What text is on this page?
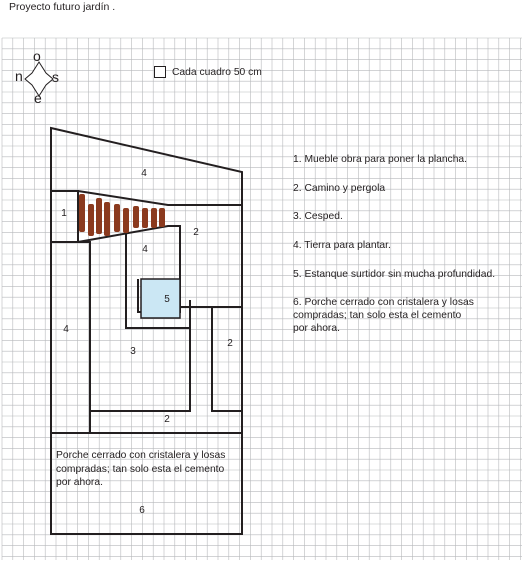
Proyecto futuro jardín .
n
o
s
e
Cada cuadro 50 cm
4
1
2
4
5
4
3
2
2
6
Porche cerrado con cristalera y losas
compradas; tan solo esta el cemento
por ahora.
1. Mueble obra para poner la plancha.
2. Camino y pergola
3. Cesped.
4. Tierra para plantar.
5. Estanque surtidor sin mucha profundidad.
6. Porche cerrado con cristalera y losas
compradas; tan solo esta el cemento
por ahora.
